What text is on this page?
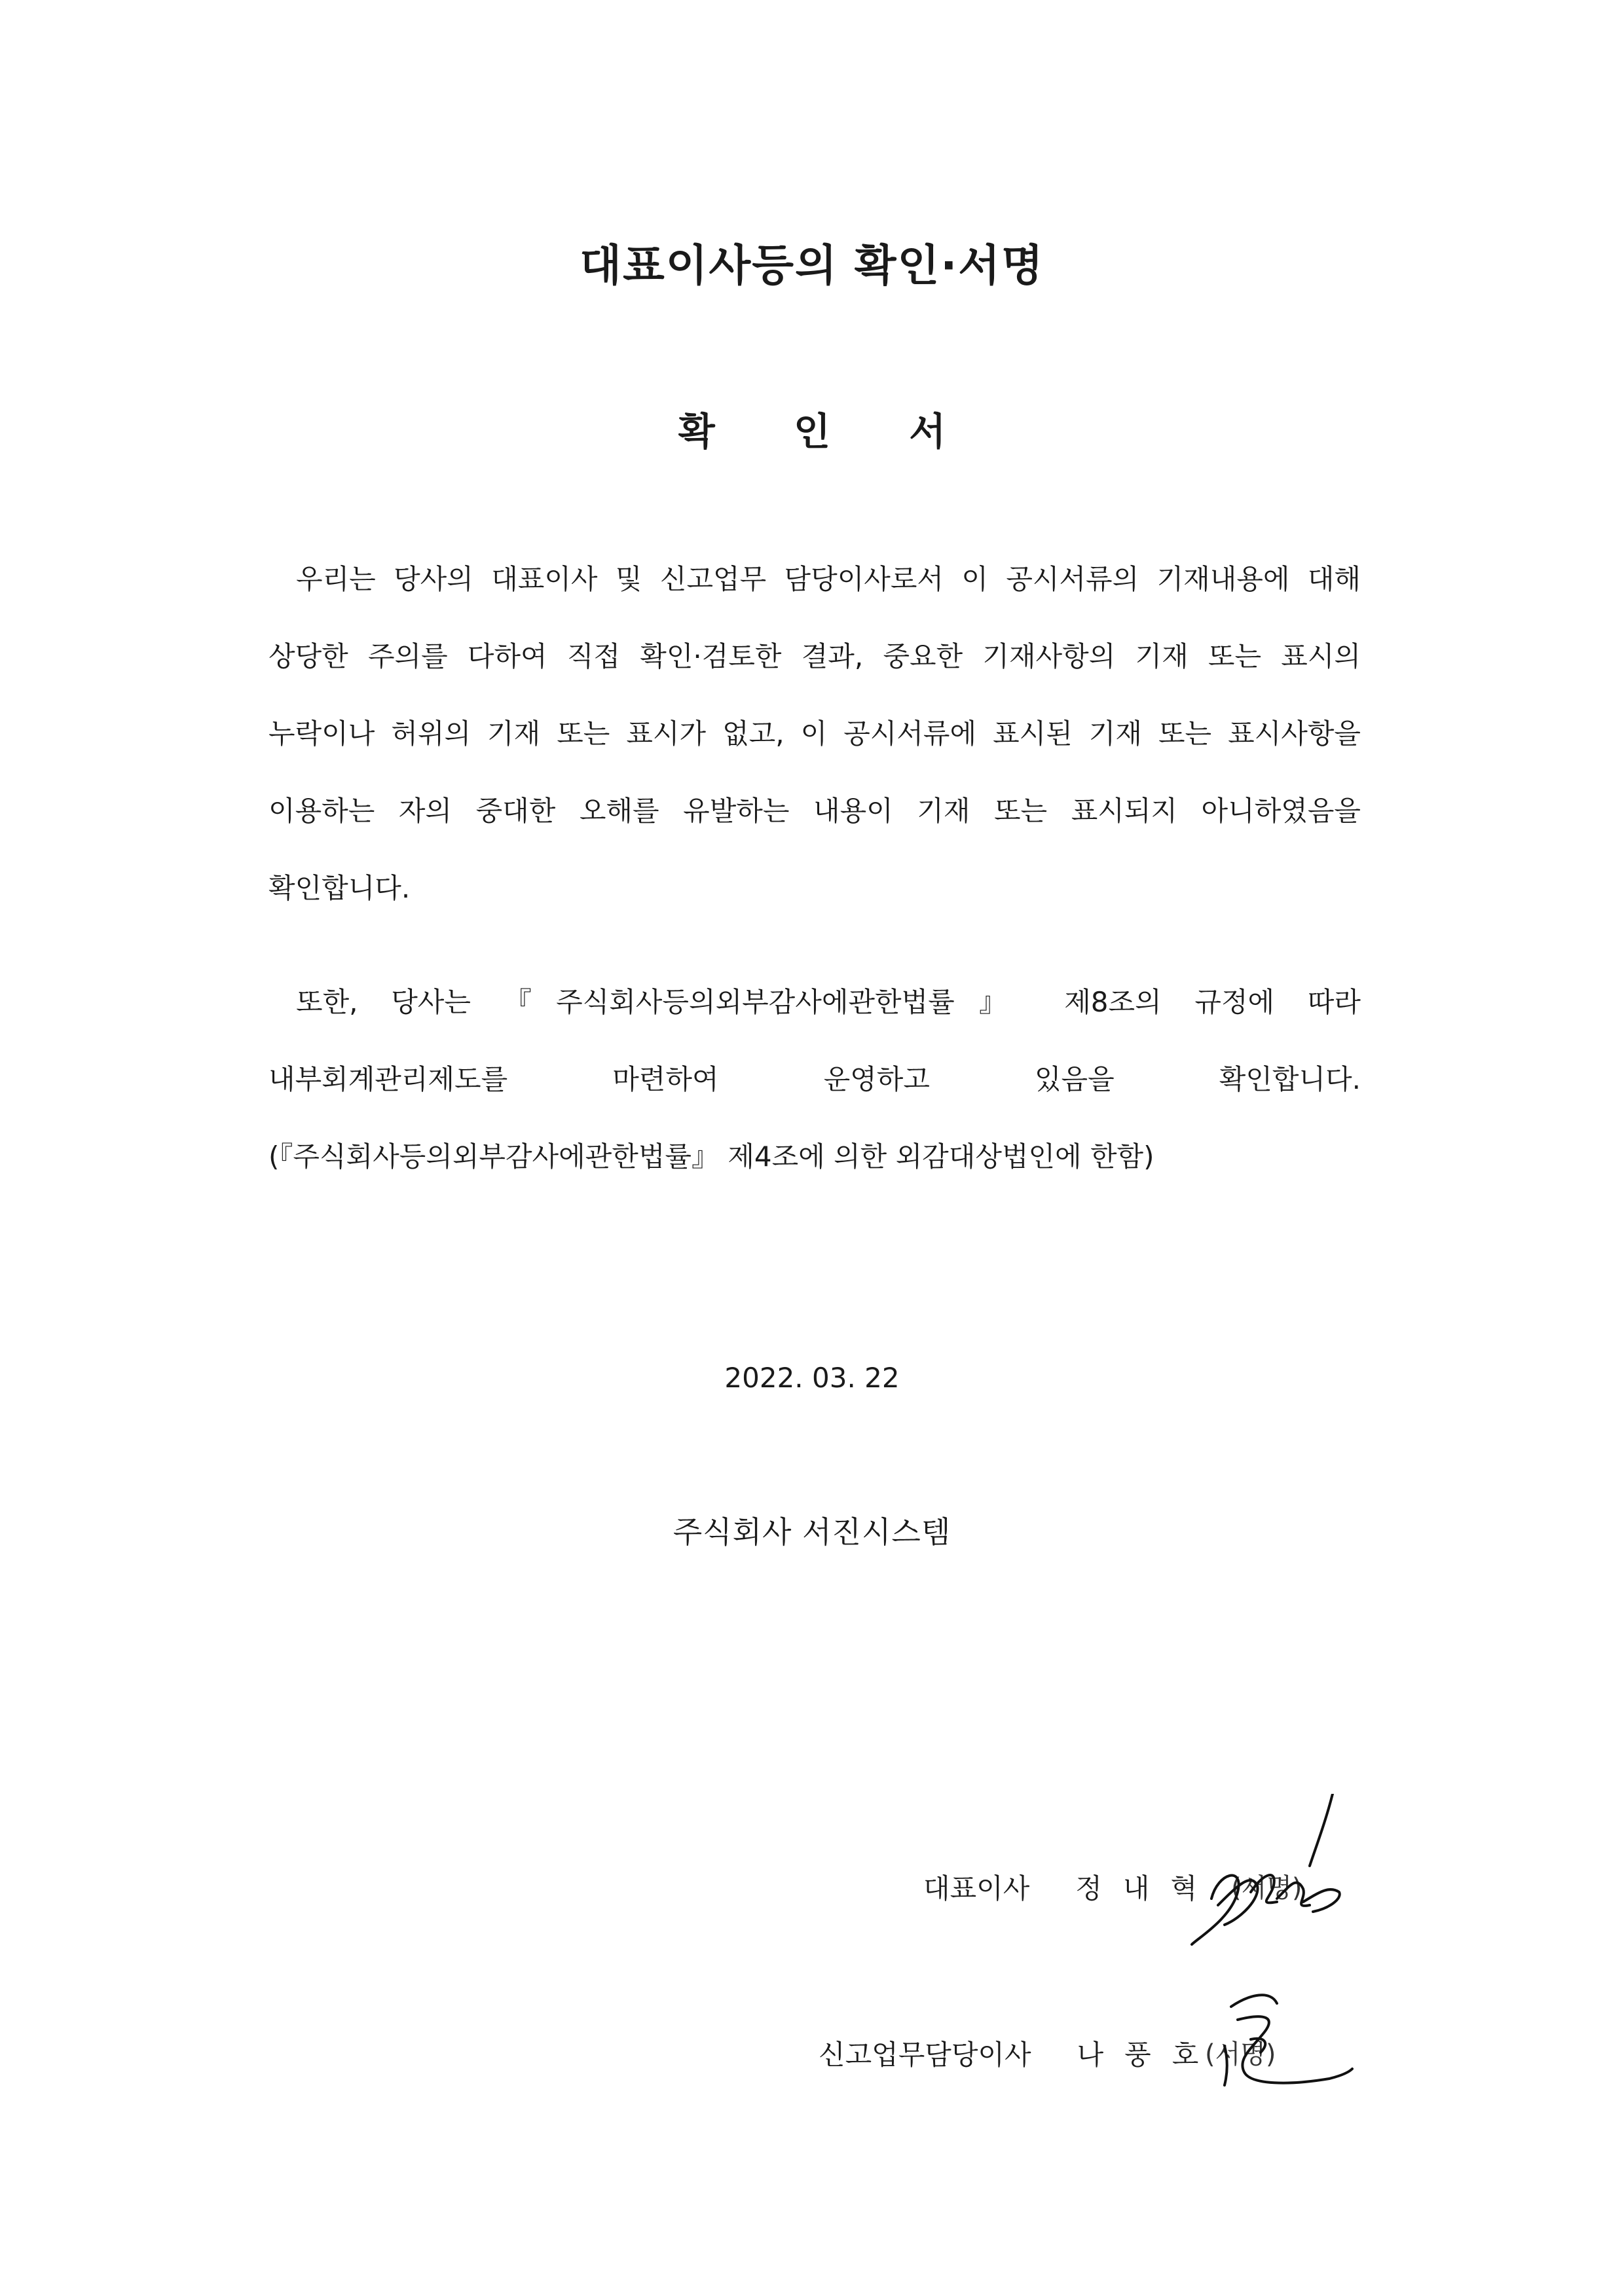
대표이사등의 확인·서명
확 인 서

우리는 당사의 대표이사 및 신고업무 담당이사로서 이 공시서류의 기재내용에 대해 상당한 주의를 다하여 직접 확인·검토한 결과, 중요한 기재사항의 기재 또는 표시의 누락이나 허위의 기재 또는 표시가 없고, 이 공시서류에 표시된 기재 또는 표시사항을 이용하는 자의 중대한 오해를 유발하는 내용이 기재 또는 표시되지 아니하였음을 확인합니다.

또한, 당사는 『주식회사등의외부감사에관한법률』 제8조의 규정에 따라 내부회계관리제도를 마련하여 운영하고 있음을 확인합니다. (『주식회사등의외부감사에관한법률』 제4조에 의한 외감대상법인에 한함)

2022. 03. 22

주식회사 서진시스템

대표이사 정내혁 (서명)
신고업무담당이사 나풍호
(서명)
